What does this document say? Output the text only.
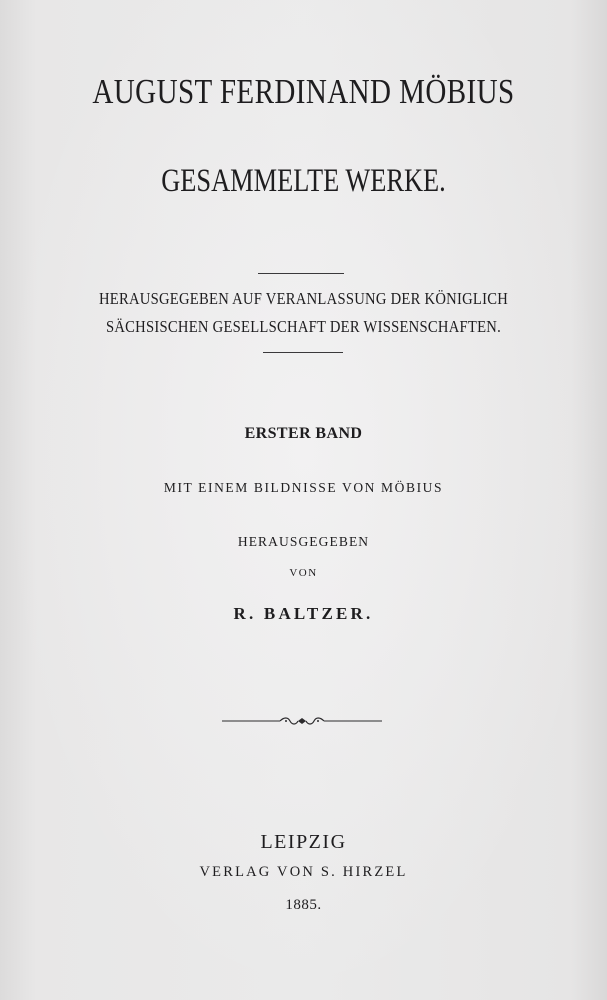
AUGUST FERDINAND MÖBIUS
GESAMMELTE WERKE.
HERAUSGEGEBEN AUF VERANLASSUNG DER KÖNIGLICH
SÄCHSISCHEN GESELLSCHAFT DER WISSENSCHAFTEN.
ERSTER BAND
MIT EINEM BILDNISSE VON MÖBIUS
HERAUSGEGEBEN
VON
R. BALTZER.
LEIPZIG
VERLAG VON S. HIRZEL
1885.
